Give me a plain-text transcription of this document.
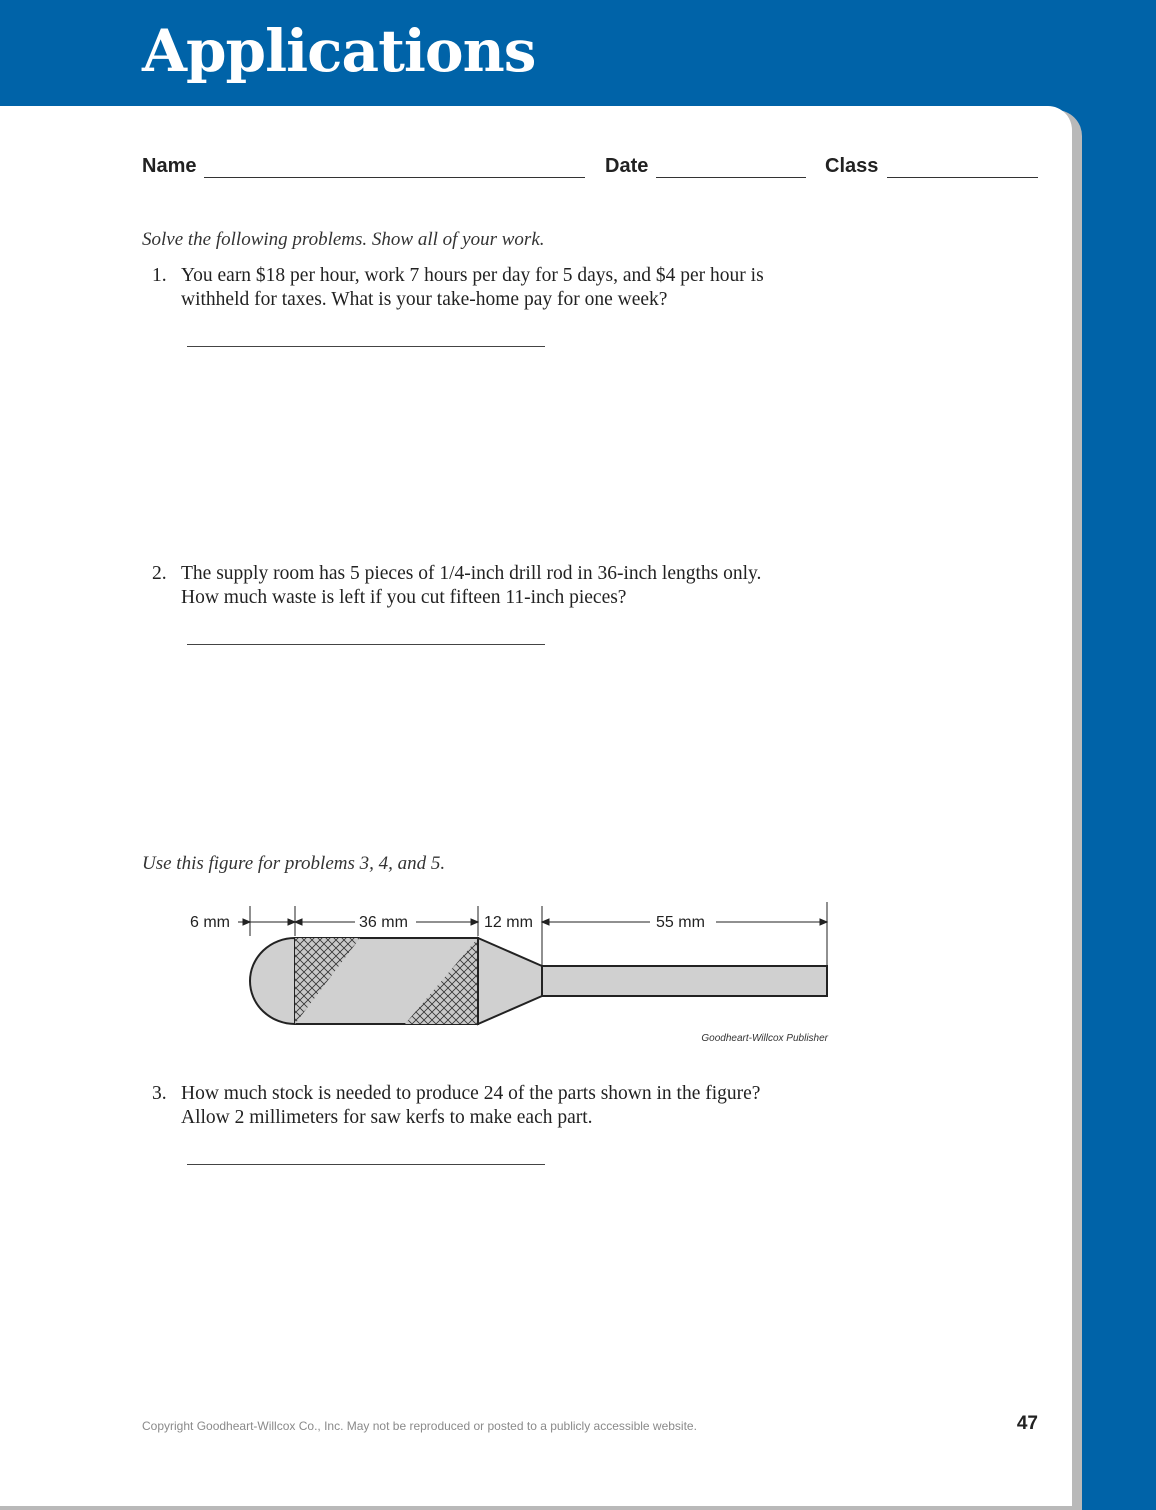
Applications
Name	Date	Class
Solve the following problems. Show all of your work.
1. You earn $18 per hour, work 7 hours per day for 5 days, and $4 per hour is
withheld for taxes. What is your take-home pay for one week?
2. The supply room has 5 pieces of 1/4-inch drill rod in 36-inch lengths only.
How much waste is left if you cut fifteen 11-inch pieces?
Use this figure for problems 3, 4, and 5.
6 mm	36 mm	12 mm	55 mm
Goodheart-Willcox Publisher
3. How much stock is needed to produce 24 of the parts shown in the figure?
Allow 2 millimeters for saw kerfs to make each part.
Copyright Goodheart-Willcox Co., Inc. May not be reproduced or posted to a publicly accessible website.	47
